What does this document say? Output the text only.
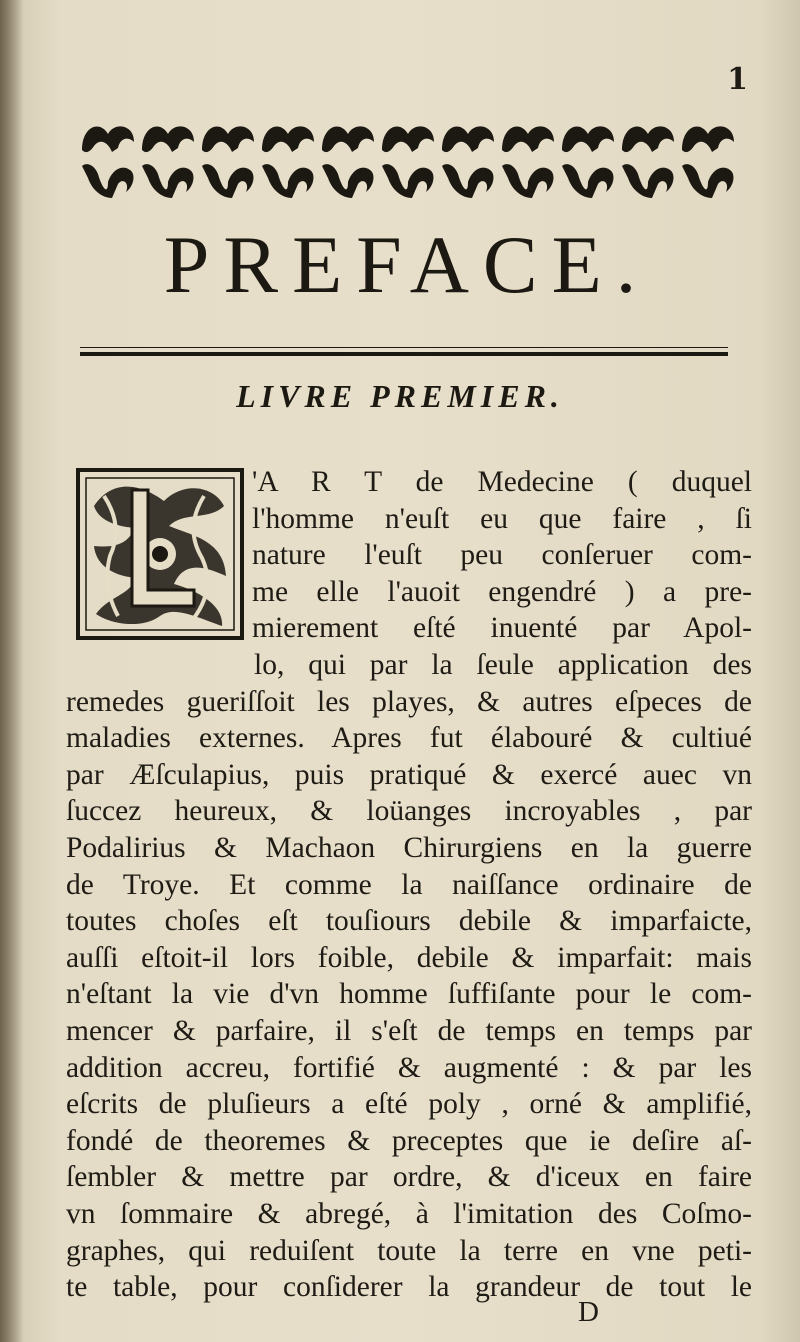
1
PREFACE.
LIVRE PREMIER.
'A R T de Medecine ( duquel
l'homme n'euſt eu que faire , ſi
nature l'euſt peu conſeruer com-
me elle l'auoit engendré ) a pre-
mierement eſté inuenté par Apol-
lo, qui par la ſeule application des
remedes gueriſſoit les playes, & autres eſpeces de
maladies externes. Apres fut élabouré & cultiué
par Æſculapius, puis pratiqué & exercé auec vn
ſuccez heureux, & loüanges incroyables , par
Podalirius & Machaon Chirurgiens en la guerre
de Troye. Et comme la naiſſance ordinaire de
toutes choſes eſt touſiours debile & imparfaicte,
auſſi eſtoit-il lors foible, debile & imparfait: mais
n'eſtant la vie d'vn homme ſuffiſante pour le com-
mencer & parfaire, il s'eſt de temps en temps par
addition accreu, fortifié & augmenté : & par les
eſcrits de pluſieurs a eſté poly , orné & amplifié,
fondé de theoremes & preceptes que ie deſire aſ-
ſembler & mettre par ordre, & d'iceux en faire
vn ſommaire & abregé, à l'imitation des Coſmo-
graphes, qui reduiſent toute la terre en vne peti-
te table, pour conſiderer la grandeur de tout le
D
